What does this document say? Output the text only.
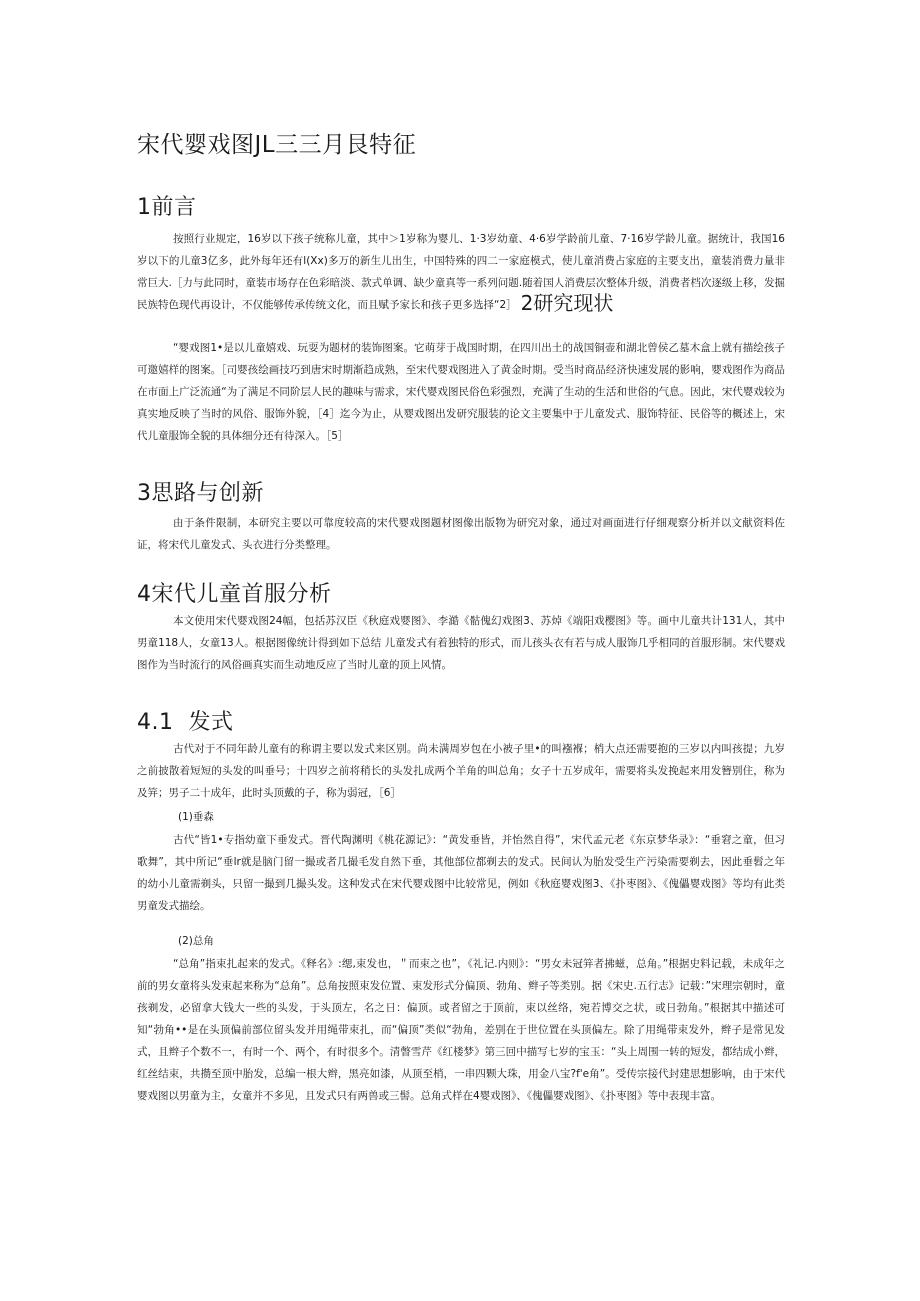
宋代婴戏图JL三三月艮特征
1前言

按照行业规定，16岁以下孩子统称儿童，其中＞1岁称为婴儿、1·3岁幼童、4·6岁学龄前儿童、7·16岁学龄儿童。据统计，我国16岁以下的儿童3亿多，此外每年还有l(Xx)多万的新生儿出生，中国特殊的四二一家庭模式，使儿童消费占家庭的主要支出，童装消费力量非常巨大.［力与此同时，童装市场存在色彩暗淡、款式单调、缺少童真等一系列问题.随着国人消费层次整体升级，消费者档次逐级上移，发掘民族特色现代再设计，不仅能够传承传统文化，而且赋予家长和孩子更多选择“2］ 2研究现状

“婴戏图1•是以儿童嬉戏、玩耍为题材的装饰图案。它萌芽于战国时期，在四川出土的战国铜壶和湖北曾侯乙墓木盒上就有描绘孩子可邀嬉样的图案。［司婴孩绘画技巧到唐宋时期渐趋成熟，至宋代婴戏图进入了黄金时期。受当时商品经济快速发展的影响，婴戏图作为商品在市面上广泛流通“为了满足不同阶层人民的趣味与需求，宋代婴戏图民俗色彩强烈，充满了生动的生活和世俗的气息。因此，宋代婴戏较为真实地反映了当时的风俗、服饰外貌，［4］迄今为止，从婴戏图出发研究服装的论文主要集中于儿童发式、服饰特征、民俗等的概述上，宋代儿童服饰全貌的具体细分还有待深入。［5］

3思路与创新

由于条件限制，本研究主要以可靠度较高的宋代婴戏图题材图像出版物为研究对象，通过对画面进行仔细观察分析并以文献资料佐证，将宋代儿童发式、头衣进行分类整理。

4宋代儿童首服分析

本文使用宋代婴戏图24幅，包括苏汉臣《秋庭戏婴图》、李澔《骷傀幻戏图3、苏焯《端阳戏樱图》等。画中儿童共计131人，其中男童118人，女童13人。根据图像统计得到如下总结 儿童发式有着独特的形式，而儿孩头衣有若与成人服饰几乎相同的首服形制。宋代婴戏图作为当时流行的风俗画真实而生动地反应了当时儿童的顶上风情。

4.1  发式

古代对于不同年龄儿童有的称谓主要以发式来区别。尚未满周岁包在小被子里•的叫襁褓；梢大点还需要抱的三岁以内叫孩提；九岁之前披散着短短的头发的叫垂号；十四岁之前将稍长的头发扎成两个羊角的叫总角；女子十五岁成年，需要将头发挽起来用发簪别住，称为及笄；男子二十成年，此时头顶戴的子，称为弱冠，［6］

(1)垂森

古代“皆1•专指幼童下垂发式。晋代陶渊明《桃花源记》：“黄发垂皆，并怡然自得”，宋代孟元老《东京梦华录》：“垂窘之童，但习歌舞”，其中所记“垂lr就是脑门留一撮或者几撮毛发自然下垂，其他部位都剃去的发式。民间认为胎发受生产污染需要剃去，因此垂髫之年的幼小儿童需剃头，只留一撮到几撮头发。这种发式在宋代婴戏图中比较常见，例如《秋庭婴戏图3、《扑枣图》、《傀儡婴戏图》等均有此类男童发式描绘。

(2)总角

“总角”指束扎起来的发式。《释名》:缌,束发也，＂而束之也”，《礼记.内则》：“男女未冠笄者拂螆，总角。”根据史料记载，未成年之前的男女童将头发束起来称为“总角”。总角按照束发位置、束发形式分偏顶、勃角、辫子等类别。据《宋史.五行志》记载：”宋理宗朝时，童孩剃发，必留拿大钱大一些的头发，于头顶左，名之日：偏顶。或者留之于顶前，束以丝络，宛若博交之状，或日勃角。”根据其中描述可知“勃角••是在头顶偏前部位留头发并用绳带束扎，而“偏顶”类似“勃角，差别在于世位置在头顶偏左。除了用绳带束发外，辫子是常见发式，且辫子个数不一，有时一个、两个，有时很多个。清瞥雪芹《红楼梦》第三回中描写七岁的宝玉：“头上周围一转的短发，都结成小辫，红丝结束，共攒至顶中胎发，总编一根大辫，黑亮如漆，从顶至梢，一串四颗大珠，用金八宝?f'e角”。受传宗接代封建思想影响，由于宋代婴戏图以男童为主，女童并不多见，且发式只有两兽或三髻。总角式样在4婴戏图》、《傀儡婴戏图》、《扑枣图》等中表现丰富。
